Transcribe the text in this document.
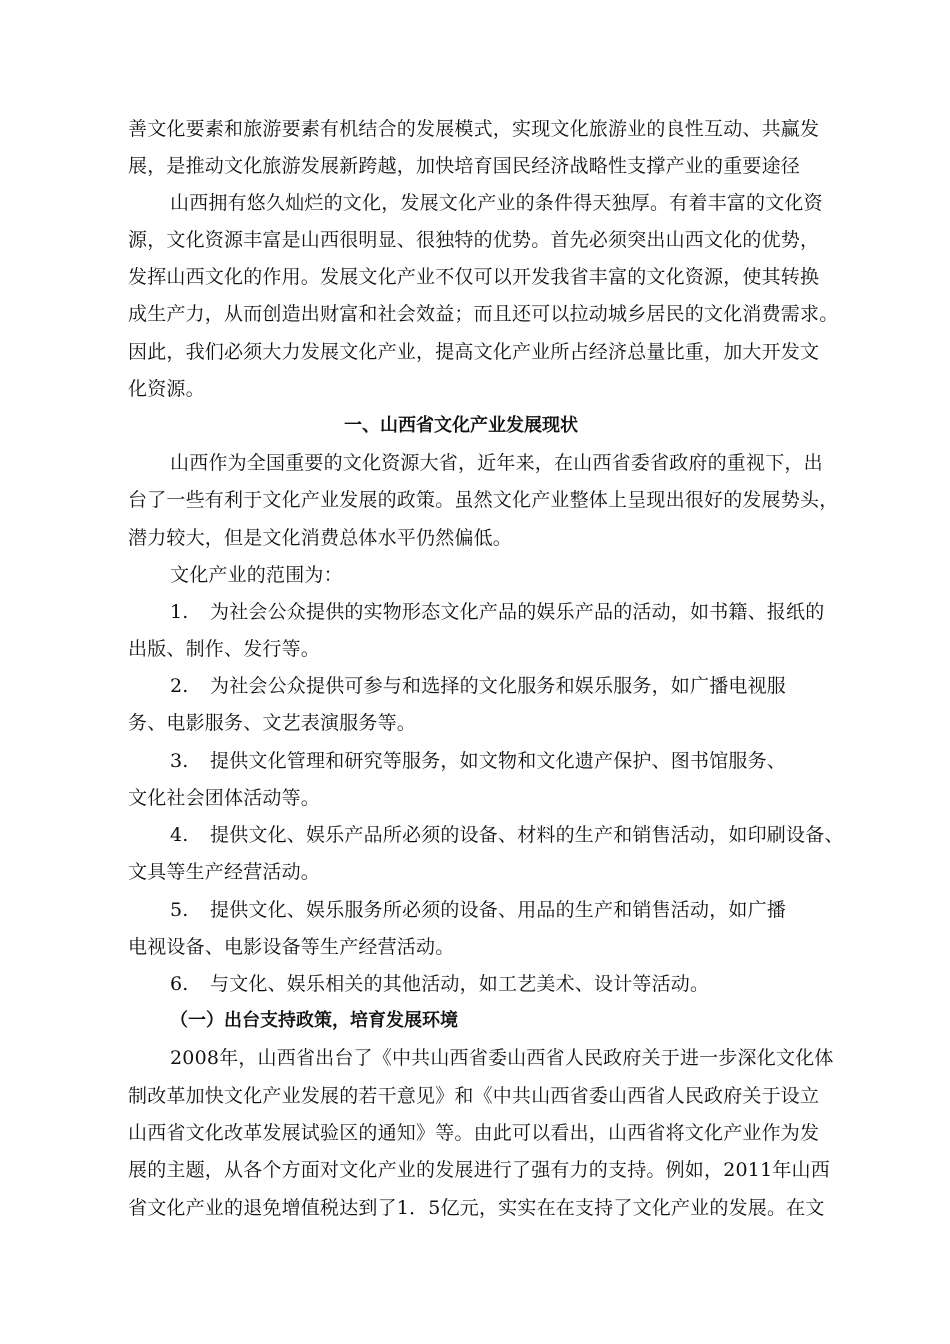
善文化要素和旅游要素有机结合的发展模式，实现文化旅游业的良性互动、共赢发
展，是推动文化旅游发展新跨越，加快培育国民经济战略性支撑产业的重要途径
山西拥有悠久灿烂的文化，发展文化产业的条件得天独厚。有着丰富的文化资
源，文化资源丰富是山西很明显、很独特的优势。首先必须突出山西文化的优势，
发挥山西文化的作用。发展文化产业不仅可以开发我省丰富的文化资源，使其转换
成生产力，从而创造出财富和社会效益；而且还可以拉动城乡居民的文化消费需求。
因此，我们必须大力发展文化产业，提高文化产业所占经济总量比重，加大开发文
化资源。
一、山西省文化产业发展现状
山西作为全国重要的文化资源大省，近年来，在山西省委省政府的重视下，出
台了一些有利于文化产业发展的政策。虽然文化产业整体上呈现出很好的发展势头，
潜力较大，但是文化消费总体水平仍然偏低。
文化产业的范围为：
1. 为社会公众提供的实物形态文化产品的娱乐产品的活动，如书籍、报纸的
出版、制作、发行等。
2. 为社会公众提供可参与和选择的文化服务和娱乐服务，如广播电视服
务、电影服务、文艺表演服务等。
3. 提供文化管理和研究等服务，如文物和文化遗产保护、图书馆服务、
文化社会团体活动等。
4. 提供文化、娱乐产品所必须的设备、材料的生产和销售活动，如印刷设备、
文具等生产经营活动。
5. 提供文化、娱乐服务所必须的设备、用品的生产和销售活动，如广播
电视设备、电影设备等生产经营活动。
6. 与文化、娱乐相关的其他活动，如工艺美术、设计等活动。
（一）出台支持政策，培育发展环境
2008年，山西省出台了《中共山西省委山西省人民政府关于进一步深化文化体
制改革加快文化产业发展的若干意见》和《中共山西省委山西省人民政府关于设立
山西省文化改革发展试验区的通知》等。由此可以看出，山西省将文化产业作为发
展的主题，从各个方面对文化产业的发展进行了强有力的支持。例如，2011年山西
省文化产业的退免增值税达到了1．5亿元，实实在在支持了文化产业的发展。在文
